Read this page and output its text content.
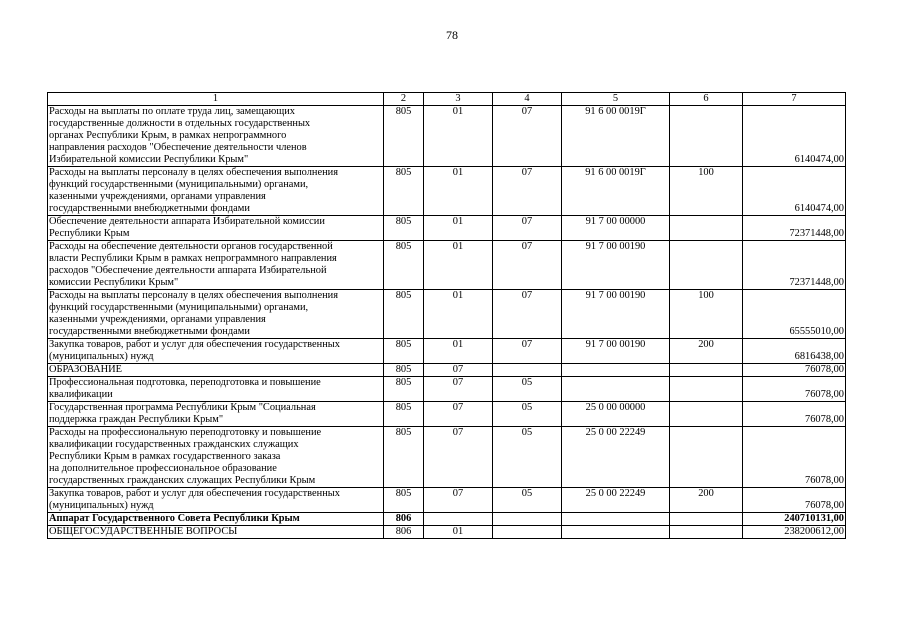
78
1	2	3	4	5	6	7

Расходы на выплаты по оплате труда лиц, замещающих
государственные должности в отдельных государственных
органах Республики Крым, в рамках непрограммного
направления расходов "Обеспечение деятельности членов
Избирательной комиссии Республики Крым"	805	01	07	91 6 00 0019Г		6140474,00

Расходы на выплаты персоналу в целях обеспечения выполнения
функций государственными (муниципальными) органами,
казенными учреждениями, органами управления
государственными внебюджетными фондами	805	01	07	91 6 00 0019Г	100	6140474,00

Обеспечение деятельности аппарата Избирательной комиссии
Республики Крым	805	01	07	91 7 00 00000		72371448,00

Расходы на обеспечение деятельности органов государственной
власти Республики Крым в рамках непрограммного направления
расходов "Обеспечение деятельности аппарата Избирательной
комиссии Республики Крым"	805	01	07	91 7 00 00190		72371448,00

Расходы на выплаты персоналу в целях обеспечения выполнения
функций государственными (муниципальными) органами,
казенными учреждениями, органами управления
государственными внебюджетными фондами	805	01	07	91 7 00 00190	100	65555010,00

Закупка товаров, работ и услуг для обеспечения государственных
(муниципальных) нужд	805	01	07	91 7 00 00190	200	6816438,00

ОБРАЗОВАНИЕ	805	07				76078,00

Профессиональная подготовка, переподготовка и повышение
квалификации	805	07	05			76078,00

Государственная программа Республики Крым "Социальная
поддержка граждан Республики Крым"	805	07	05	25 0 00 00000		76078,00

Расходы на профессиональную переподготовку и повышение
квалификации государственных гражданских служащих
Республики Крым в рамках государственного заказа
на дополнительное профессиональное образование
государственных гражданских служащих Республики Крым	805	07	05	25 0 00 22249		76078,00

Закупка товаров, работ и услуг для обеспечения государственных
(муниципальных) нужд	805	07	05	25 0 00 22249	200	76078,00

Аппарат Государственного Совета Республики Крым	806					240710131,00

ОБЩЕГОСУДАРСТВЕННЫЕ ВОПРОСЫ	806	01				238200612,00
